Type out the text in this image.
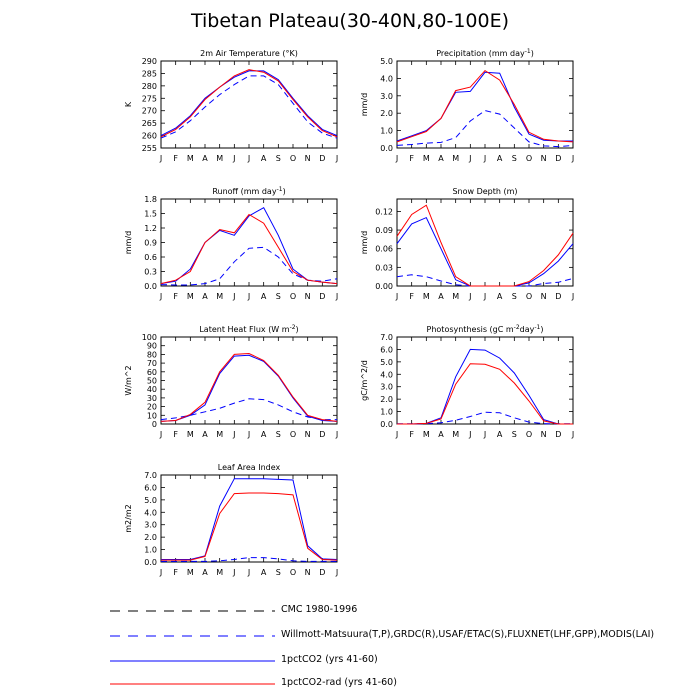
Tibetan Plateau(30-40N,80-100E)
2m Air Temperature (°K)
255
260
265
270
275
280
285
290
J F M A M J J A S O N D J
K
Precipitation (mm day$^{-1}$)
0.0
1.0
2.0
3.0
4.0
5.0
J F M A M J J A S O N D J
mm/d
Runoff (mm day$^{-1}$)
0.0
0.3
0.6
0.9
1.2
1.5
1.8
J F M A M J J A S O N D J
mm/d
Snow Depth (m)
0.00
0.03
0.06
0.09
0.12
J F M A M J J A S O N D J
mm/d
Latent Heat Flux (W $m^{-2}$)
0
10
20
30
40
50
60
70
80
90
100
J F M A M J J A S O N D J
W/m^2
Photosynthesis (gC $m^{-2}day^{-1}$)
0.0
1.0
2.0
3.0
4.0
5.0
6.0
7.0
J F M A M J J A S O N D J
gC/m^2/d
Leaf Area Index
0.0
1.0
2.0
3.0
4.0
5.0
6.0
7.0
J F M A M J J A S O N D J
m2/m2
CMC 1980-1996
Willmott-Matsuura(T,P),GRDC(R),USAF/ETAC(S),FLUXNET(LHF,GPP),MODIS(LAI)
1pctCO2 (yrs 41-60)
1pctCO2-rad (yrs 41-60)
